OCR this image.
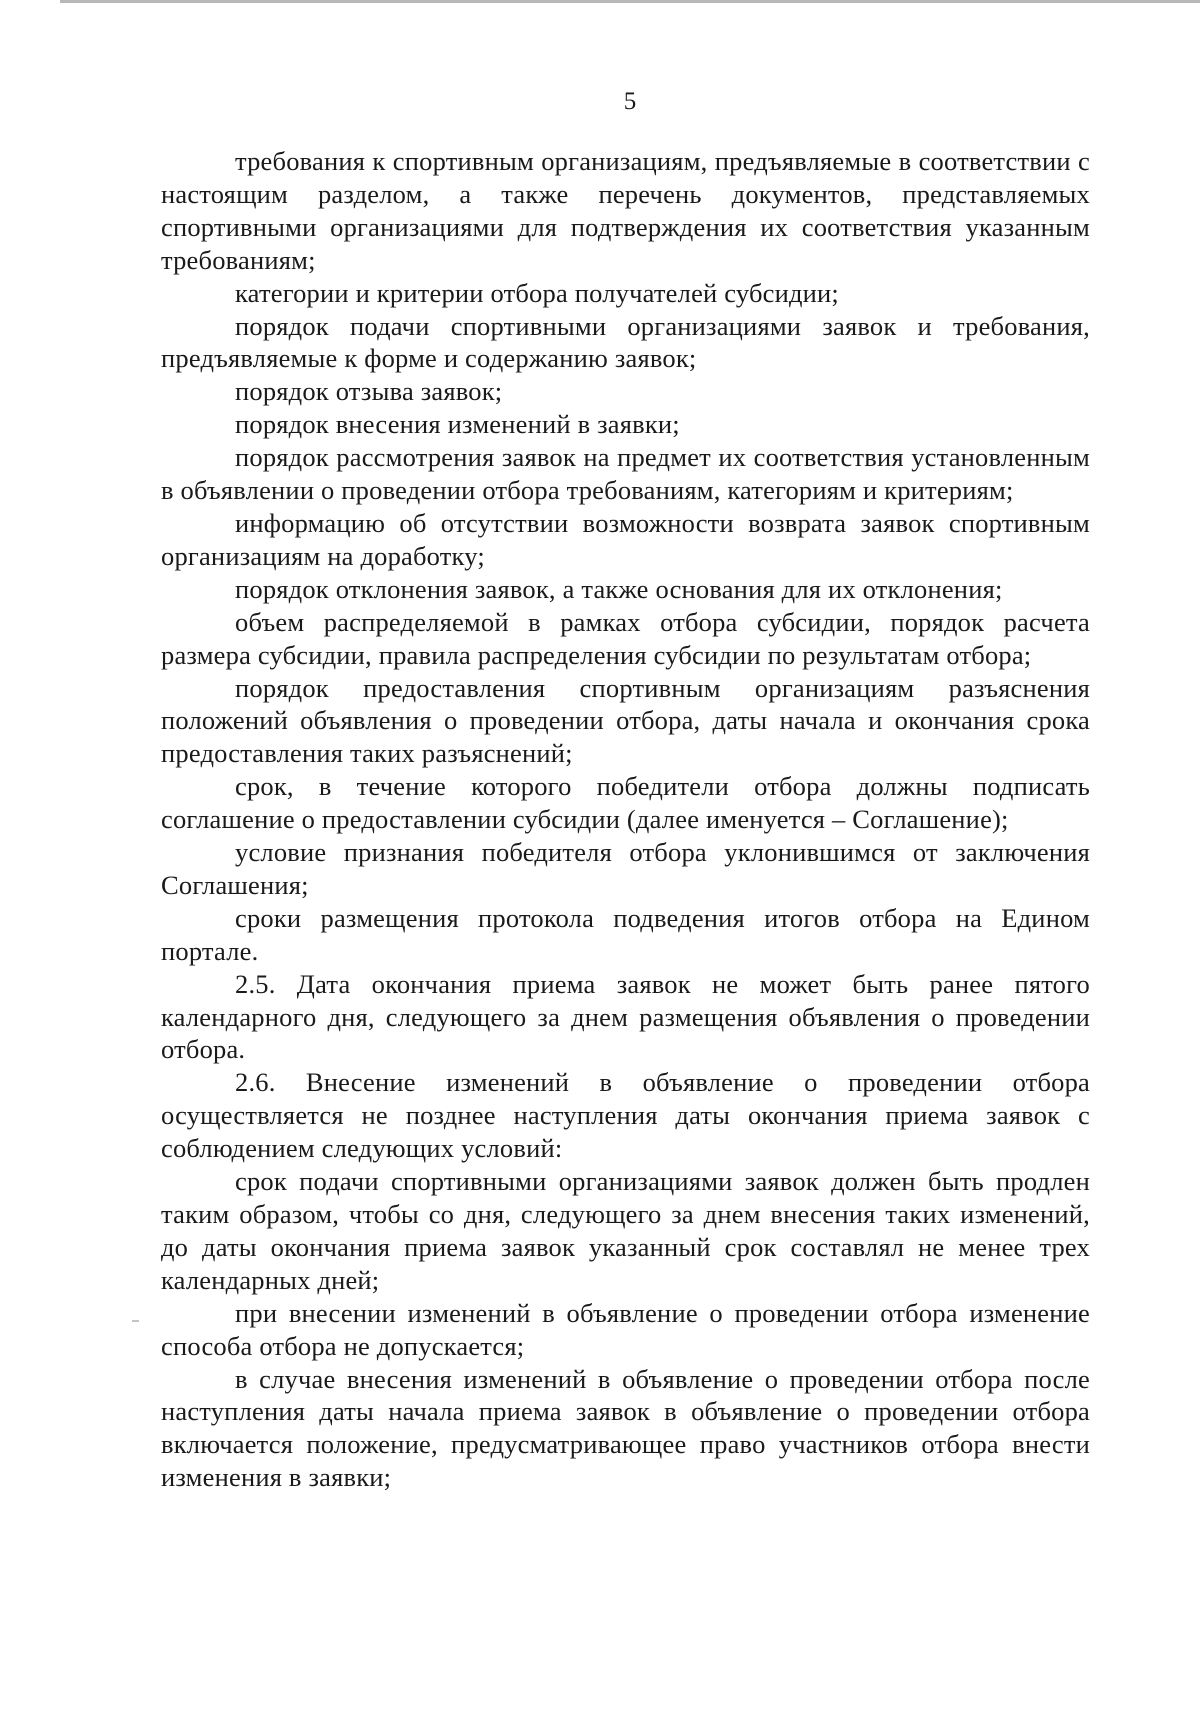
5

требования к спортивным организациям, предъявляемые в соответствии с настоящим разделом, а также перечень документов, представляемых спортивными организациями для подтверждения их соответствия указанным требованиям;

категории и критерии отбора получателей субсидии;

порядок подачи спортивными организациями заявок и требования, предъявляемые к форме и содержанию заявок;

порядок отзыва заявок;

порядок внесения изменений в заявки;

порядок рассмотрения заявок на предмет их соответствия установленным в объявлении о проведении отбора требованиям, категориям и критериям;

информацию об отсутствии возможности возврата заявок спортивным организациям на доработку;

порядок отклонения заявок, а также основания для их отклонения;

объем распределяемой в рамках отбора субсидии, порядок расчета размера субсидии, правила распределения субсидии по результатам отбора;

порядок предоставления спортивным организациям разъяснения положений объявления о проведении отбора, даты начала и окончания срока предоставления таких разъяснений;

срок, в течение которого победители отбора должны подписать соглашение о предоставлении субсидии (далее именуется – Соглашение);

условие признания победителя отбора уклонившимся от заключения Соглашения;

сроки размещения протокола подведения итогов отбора на Едином портале.

2.5. Дата окончания приема заявок не может быть ранее пятого календарного дня, следующего за днем размещения объявления о проведении отбора.

2.6. Внесение изменений в объявление о проведении отбора осуществляется не позднее наступления даты окончания приема заявок с соблюдением следующих условий:

срок подачи спортивными организациями заявок должен быть продлен таким образом, чтобы со дня, следующего за днем внесения таких изменений, до даты окончания приема заявок указанный срок составлял не менее трех календарных дней;

при внесении изменений в объявление о проведении отбора изменение способа отбора не допускается;

в случае внесения изменений в объявление о проведении отбора после наступления даты начала приема заявок в объявление о проведении отбора включается положение, предусматривающее право участников отбора внести изменения в заявки;
